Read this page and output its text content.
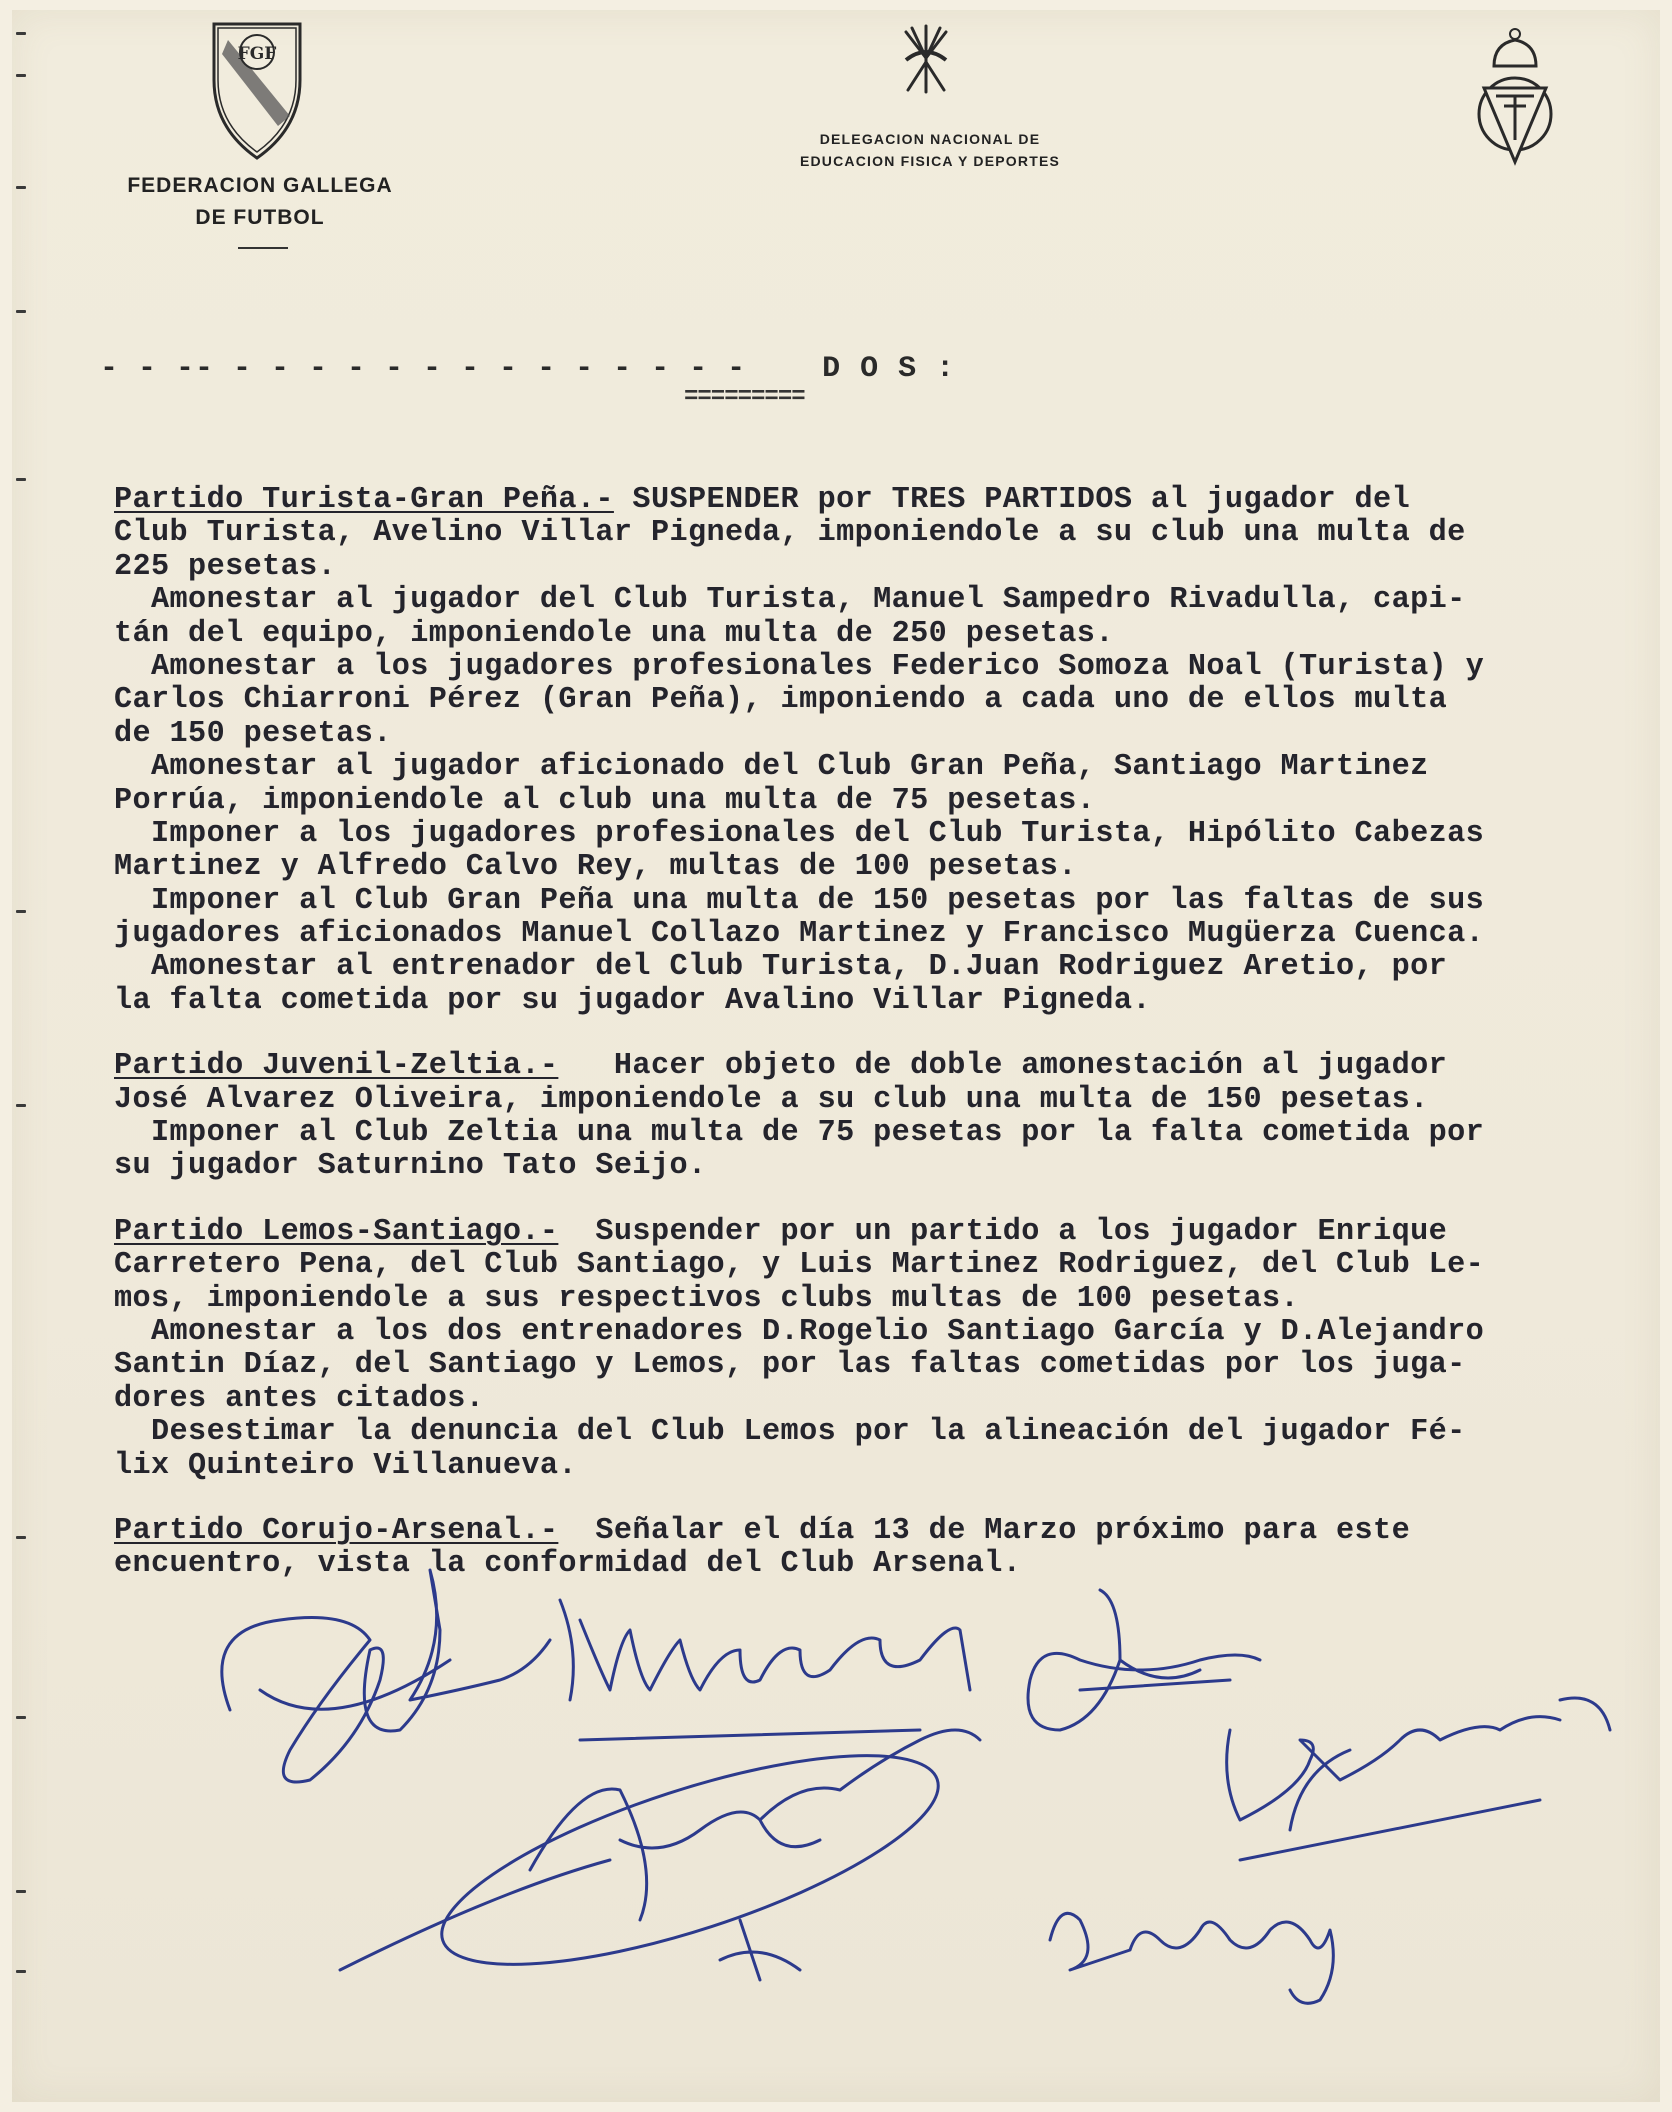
FGF
FEDERACION GALLEGA
DE FUTBOL
DELEGACION NACIONAL DE
EDUCACION FISICA Y DEPORTES
- - -- - - - - - - - - - - - - - -	D O S :
=========
Partido Turista-Gran Peña.- SUSPENDER por TRES PARTIDOS al jugador del
Club Turista, Avelino Villar Pigneda, imponiendole a su club una multa de
225 pesetas.
Amonestar al jugador del Club Turista, Manuel Sampedro Rivadulla, capi-
tán del equipo, imponiendole una multa de 250 pesetas.
Amonestar a los jugadores profesionales Federico Somoza Noal (Turista) y
Carlos Chiarroni Pérez (Gran Peña), imponiendo a cada uno de ellos multa
de 150 pesetas.
Amonestar al jugador aficionado del Club Gran Peña, Santiago Martinez
Porrúa, imponiendole al club una multa de 75 pesetas.
Imponer a los jugadores profesionales del Club Turista, Hipólito Cabezas
Martinez y Alfredo Calvo Rey, multas de 100 pesetas.
Imponer al Club Gran Peña una multa de 150 pesetas por las faltas de sus
jugadores aficionados Manuel Collazo Martinez y Francisco Mugüerza Cuenca.
Amonestar al entrenador del Club Turista, D.Juan Rodriguez Aretio, por
la falta cometida por su jugador Avalino Villar Pigneda.
Partido Juvenil-Zeltia.-   Hacer objeto de doble amonestación al jugador
José Alvarez Oliveira, imponiendole a su club una multa de 150 pesetas.
Imponer al Club Zeltia una multa de 75 pesetas por la falta cometida por
su jugador Saturnino Tato Seijo.
Partido Lemos-Santiago.-  Suspender por un partido a los jugador Enrique
Carretero Pena, del Club Santiago, y Luis Martinez Rodriguez, del Club Le-
mos, imponiendole a sus respectivos clubs multas de 100 pesetas.
Amonestar a los dos entrenadores D.Rogelio Santiago García y D.Alejandro
Santin Díaz, del Santiago y Lemos, por las faltas cometidas por los juga-
dores antes citados.
Desestimar la denuncia del Club Lemos por la alineación del jugador Fé-
lix Quinteiro Villanueva.
Partido Corujo-Arsenal.-  Señalar el día 13 de Marzo próximo para este
encuentro, vista la conformidad del Club Arsenal.
